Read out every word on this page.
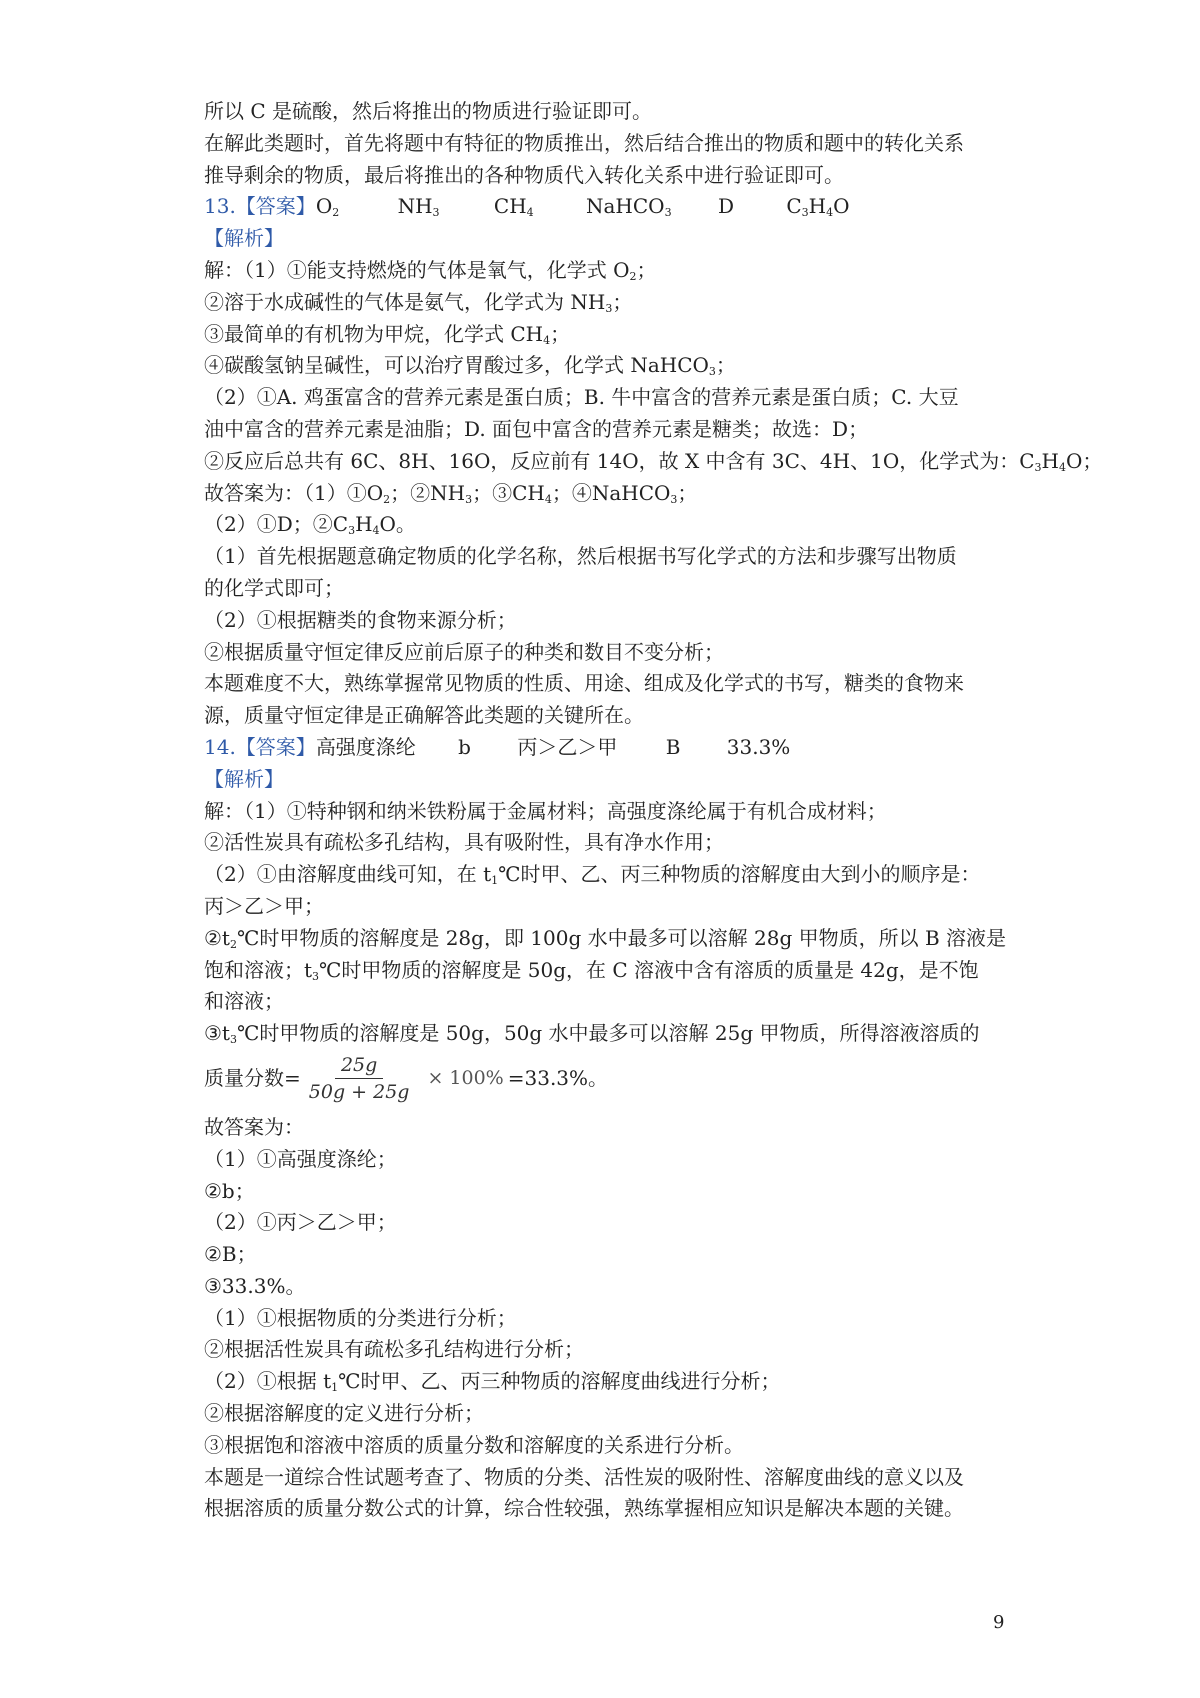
所以 C 是硫酸，然后将推出的物质进行验证即可。
在解此类题时，首先将题中有特征的物质推出，然后结合推出的物质和题中的转化关系
推导剩余的物质，最后将推出的各种物质代入转化关系中进行验证即可。
13.【答案】$O_2$	$NH_3$	$CH_4$	NaHCO$_3$ D	$C_3H_4O$
【解析】
解：（1）①能支持燃烧的气体是氧气，化学式 $O_2$；
②溶于水成碱性的气体是氨气，化学式为 $NH_3$；
③最简单的有机物为甲烷，化学式 $CH_4$；
④碳酸氢钠呈碱性，可以治疗胃酸过多，化学式 NaHCO$_3$；
（2）①A. 鸡蛋富含的营养元素是蛋白质；B. 牛中富含的营养元素是蛋白质；C. 大豆
油中富含的营养元素是油脂；D. 面包中富含的营养元素是糖类；故选：D；
②反应后总共有 6C、8H、16O，反应前有 14O，故 X 中含有 3C、4H、1O，化学式为：$C_3H_4O$；
故答案为：$(1)①O_2$；$②NH_3$；$③CH_4$；④NaHCO$_3$；
（2）①D；$②C_3H_4O$。
（1）首先根据题意确定物质的化学名称，然后根据书写化学式的方法和步骤写出物质
的化学式即可；
（2）①根据糖类的食物来源分析；
②根据质量守恒定律反应前后原子的种类和数目不变分析；
本题难度不大，熟练掌握常见物质的性质、用途、组成及化学式的书写，糖类的食物来
源，质量守恒定律是正确解答此类题的关键所在。
14.【答案】高强度涤纶 b 丙＞乙＞甲 B 33.3%
【解析】
解：（1）①特种钢和纳米铁粉属于金属材料；高强度涤纶属于有机合成材料；
②活性炭具有疏松多孔结构，具有吸附性，具有净水作用；
（2）①由溶解度曲线可知，在 $t_1℃$时甲、乙、丙三种物质的溶解度由大到小的顺序是：
丙＞乙＞甲；
$②t_2℃$时甲物质的溶解度是 28g，即 100g 水中最多可以溶解 28g 甲物质，所以 B 溶液是
饱和溶液；$t_3℃$时甲物质的溶解度是 50g，在 C 溶液中含有溶质的质量是 42g，是不饱
和溶液；
$③t_3℃$时甲物质的溶解度是 50g，50g 水中最多可以溶解 25g 甲物质，所得溶液溶质的
质量分数= $\frac{25g}{50g + 25g} \times 100\% =33.3\%$。
故答案为：
（1）①高强度涤纶；
②b；
（2）①丙＞乙＞甲；
②B；
③33.3%。
（1）①根据物质的分类进行分析；
②根据活性炭具有疏松多孔结构进行分析；
（2）①根据 $t_1℃$时甲、乙、丙三种物质的溶解度曲线进行分析；
②根据溶解度的定义进行分析；
③根据饱和溶液中溶质的质量分数和溶解度的关系进行分析。
本题是一道综合性试题考查了、物质的分类、活性炭的吸附性、溶解度曲线的意义以及
根据溶质的质量分数公式的计算，综合性较强，熟练掌握相应知识是解决本题的关键。
9
